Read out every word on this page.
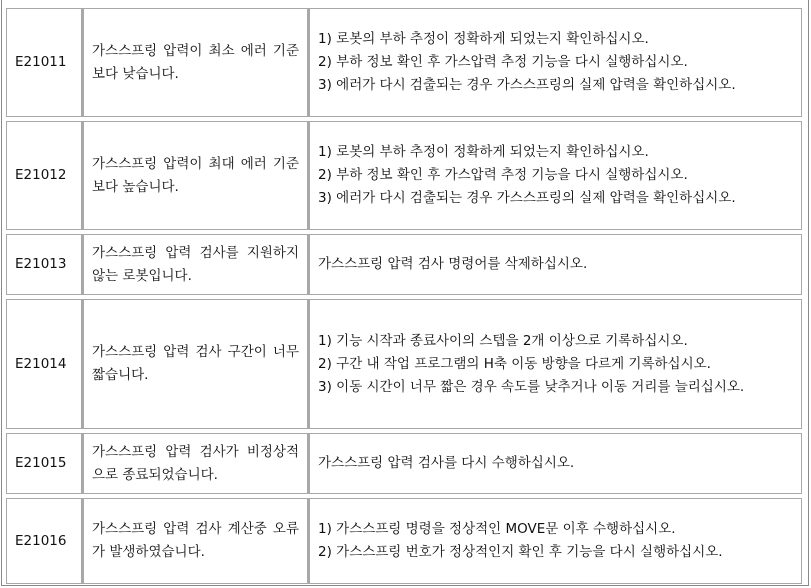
E21011	가스스프링 압력이 최소 에러 기준보다 낮습니다.	1) 로봇의 부하 추정이 정확하게 되었는지 확인하십시오.
2) 부하 정보 확인 후 가스압력 추정 기능을 다시 실행하십시오.
3) 에러가 다시 검출되는 경우 가스스프링의 실제 압력을 확인하십시오.

E21012	가스스프링 압력이 최대 에러 기준보다 높습니다.	1) 로봇의 부하 추정이 정확하게 되었는지 확인하십시오.
2) 부하 정보 확인 후 가스압력 추정 기능을 다시 실행하십시오.
3) 에러가 다시 검출되는 경우 가스스프링의 실제 압력을 확인하십시오.

E21013	가스스프링 압력 검사를 지원하지 않는 로봇입니다.	가스스프링 압력 검사 명령어를 삭제하십시오.

E21014	가스스프링 압력 검사 구간이 너무 짧습니다.	1) 기능 시작과 종료사이의 스텝을 2개 이상으로 기록하십시오.
2) 구간 내 작업 프로그램의 H축 이동 방향을 다르게 기록하십시오.
3) 이동 시간이 너무 짧은 경우 속도를 낮추거나 이동 거리를 늘리십시오.

E21015	가스스프링 압력 검사가 비정상적으로 종료되었습니다.	가스스프링 압력 검사를 다시 수행하십시오.

E21016	가스스프링 압력 검사 계산중 오류가 발생하였습니다.	1) 가스스프링 명령을 정상적인 MOVE문 이후 수행하십시오.
2) 가스스프링 번호가 정상적인지 확인 후 기능을 다시 실행하십시오.
